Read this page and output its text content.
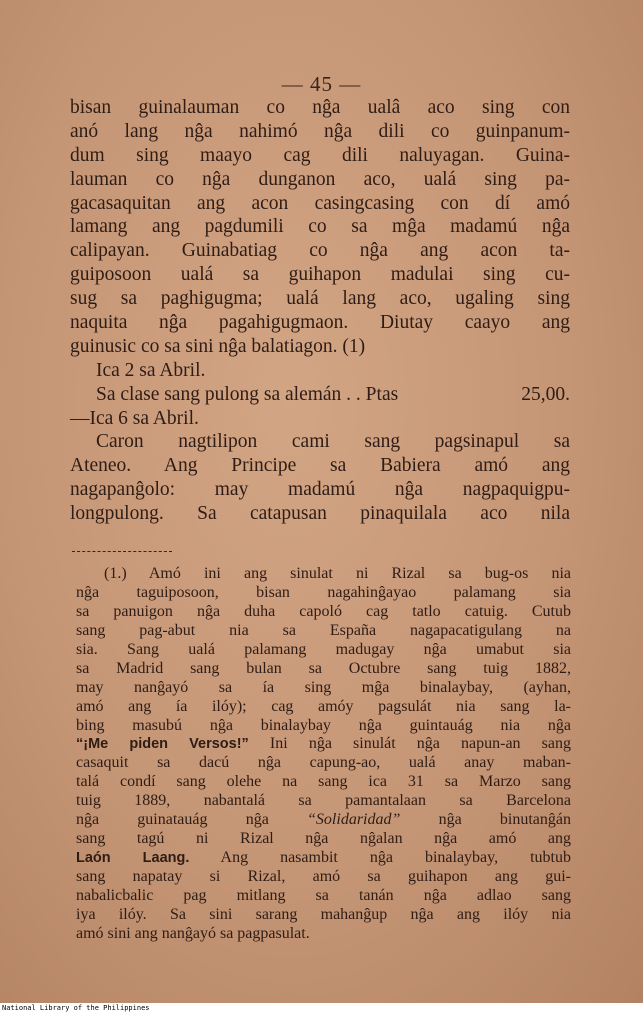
— 45 —
bisan guinalauman co nĝa ualâ aco sing con
anó lang nĝa nahimó nĝa dili co guinpanum-
dum sing maayo cag dili naluyagan. Guina-
lauman co nĝa dunganon aco, ualá sing pa-
gacasaquitan ang acon casingcasing con dí amó
lamang ang pagdumili co sa mĝa madamú nĝa
calipayan. Guinabatiag co nĝa ang acon ta-
guiposoon ualá sa guihapon madulai sing cu-
sug sa paghigugma; ualá lang aco, ugaling sing
naquita nĝa pagahigugmaon. Diutay caayo ang
guinusic co sa sini nĝa balatiagon. (1)
Ica 2 sa Abril.
Sa clase sang pulong sa alemán . . Ptas	25,00.
—Ica 6 sa Abril.
Caron nagtilipon cami sang pagsinapul sa
Ateneo. Ang Principe sa Babiera amó ang
nagapanĝolo: may madamú nĝa nagpaquigpu-
longpulong. Sa catapusan pinaquilala aco nila
(1.) Amó ini ang sinulat ni Rizal sa bug-os nia
nĝa taguiposoon, bisan nagahinĝayao palamang sia
sa panuigon nĝa duha capoló cag tatlo catuig. Cutub
sang pag-abut nia sa España nagapacatigulang na
sia. Sang ualá palamang madugay nĝa umabut sia
sa Madrid sang bulan sa Octubre sang tuig 1882,
may nanĝayó sa ía sing mĝa binalaybay, (ayhan,
amó ang ía ilóy); cag amóy pagsulát nia sang la-
bing masubú nĝa binalaybay nĝa guintauág nia nĝa
“¡Me piden Versos!” Ini nĝa sinulát nĝa napun-an sang
casaquit sa dacú nĝa capung-ao, ualá anay maban-
talá condí sang olehe na sang ica 31 sa Marzo sang
tuig 1889, nabantalá sa pamantalaan sa Barcelona
nĝa guinatauág nĝa “Solidaridad” nĝa binutanĝán
sang tagú ni Rizal nĝa nĝalan nĝa amó ang
Laón Laang. Ang nasambit nĝa binalaybay, tubtub
sang napatay si Rizal, amó sa guihapon ang gui-
nabalicbalic pag mitlang sa tanán nĝa adlao sang
iya ilóy. Sa sini sarang mahanĝup nĝa ang ilóy nia
amó sini ang nanĝayó sa pagpasulat.
National Library of the Philippines
